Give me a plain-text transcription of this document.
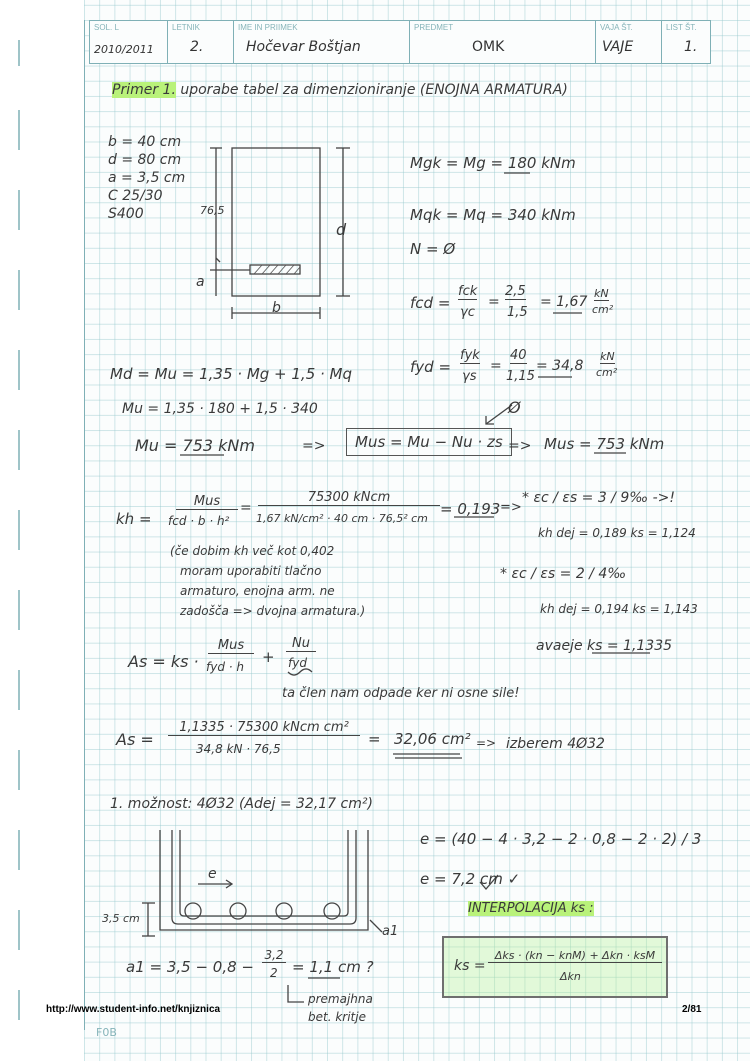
SOL. L
2010/2011
LETNIK
2.
IME IN PRIIMEK
Hočevar Boštjan
PREDMET
OMK
VAJA ŠT.
VAJE
LIST ŠT.
1.
Primer 1. uporabe tabel za dimenzioniranje (ENOJNA ARMATURA)
b = 40 cm
d = 80 cm
a = 3,5 cm
C 25/30
S400	76,5
d
a
b
Mgk = Mg = 180 kNm
Mqk = Mq = 340 kNm
N = Ø
fcd =
fck
γc
=
2,5
1,5
= 1,67
kN
cm²
fyd =
fyk
γs
=
40
1,15
= 34,8
kN
cm²
Md = Mu = 1,35 · Mg + 1,5 · Mq
Mu = 1,35 · 180 + 1,5 · 340
Mu = 753 kNm	=>	Mus = Mu − Nu · zs => Mus = 753 kNm
Ø
kh =
Mus
fcd · b · h²
=
75300 kNcm
1,67 kN/cm² · 40 cm · 76,5² cm
= 0,193 =>
* εc / εs = 3 / 9‰ ->!
kh dej = 0,189 ks = 1,124
* εc / εs = 2 / 4‰
kh dej = 0,194 ks = 1,143
avaeje ks = 1,1335
(če dobim kh več kot 0,402
moram uporabiti tlačno
armaturo, enojna arm. ne
zadošča => dvojna armatura.)
As = ks ·
Mus
fyd · h
+
Nu
fyd
ta člen nam odpade ker ni osne sile!
As =
1,1335 · 75300 kNcm cm²
34,8 kN · 76,5
= 32,06 cm² => izberem 4Ø32
1. možnost: 4Ø32 (Adej = 32,17 cm²)
e
e = (40 − 4 · 3,2 − 2 · 0,8 − 2 · 2) / 3
e = 7,2 cm ✓
3,5 cm
a1
a1 = 3,5 − 0,8 −
3,2
2 = 1,1 cm ?
premajhna
bet. kritje
INTERPOLACIJA ks :
ks =
Δks · (kn − knM) + Δkn · ksM
Δkn
http://www.student-info.net/knjiznica	2/81
F0B
